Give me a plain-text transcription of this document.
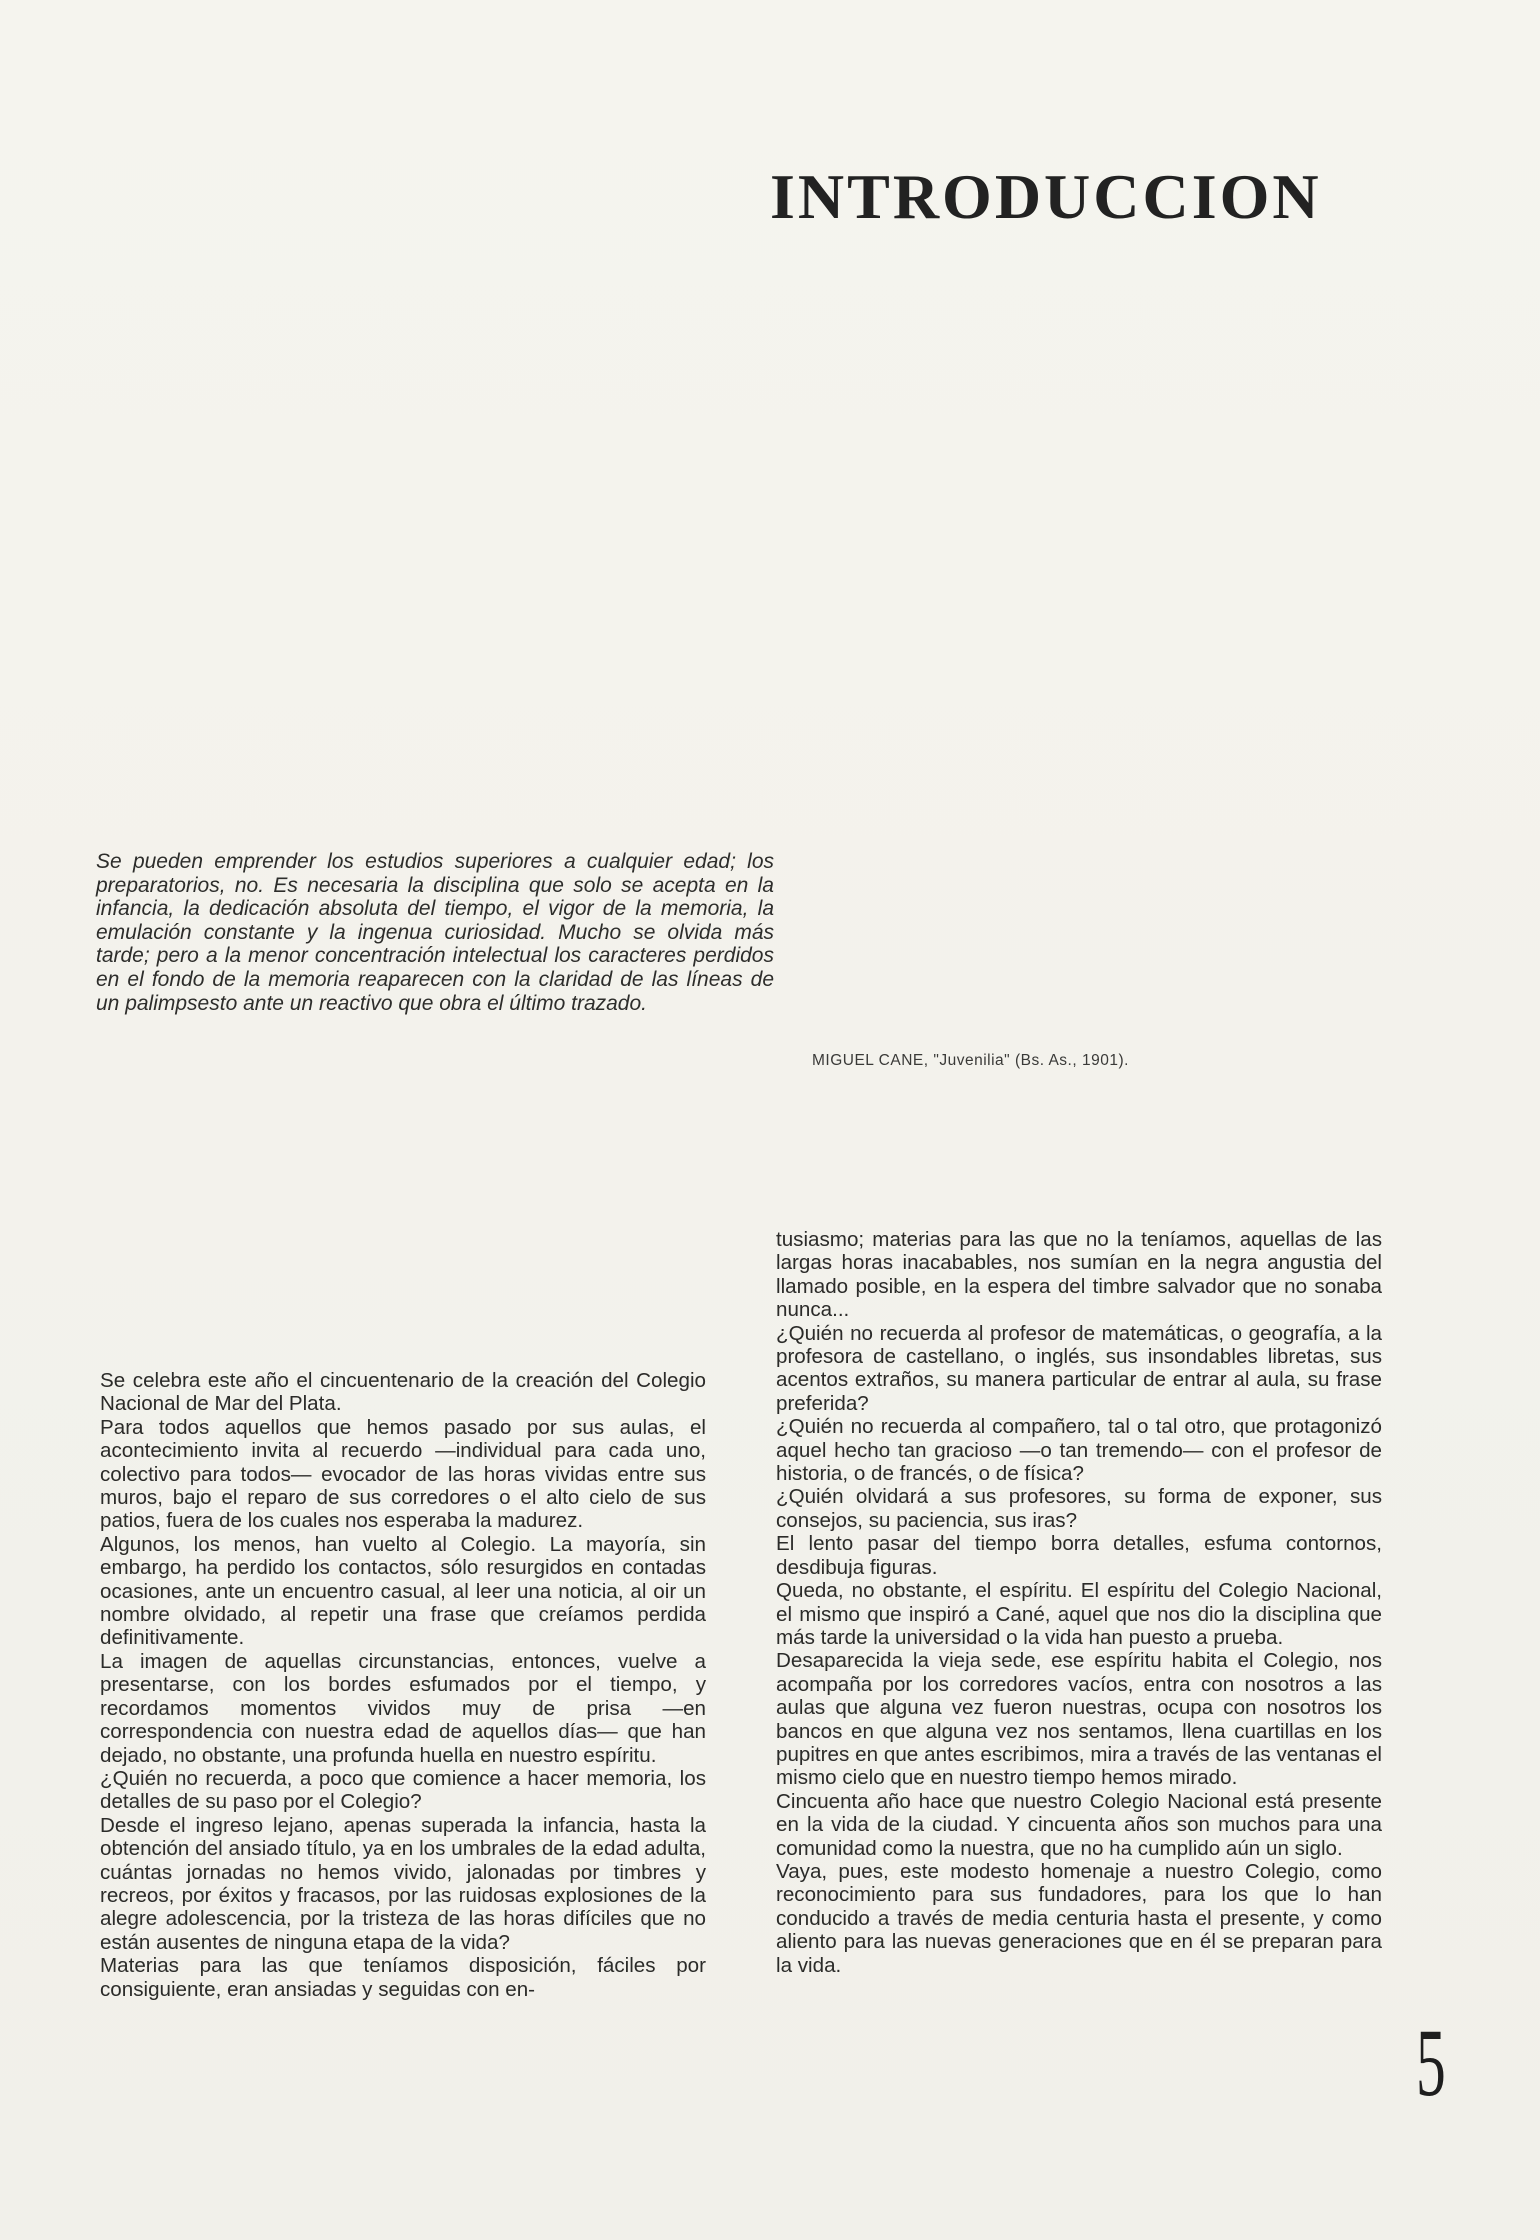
INTRODUCCION

Se pueden emprender los estudios superiores a cualquier edad; los preparatorios, no. Es necesaria la disciplina que solo se acepta en la infancia, la dedicación absoluta del tiempo, el vigor de la memoria, la emulación constante y la ingenua curiosidad. Mucho se olvida más tarde; pero a la menor concentración intelectual los caracteres perdidos en el fondo de la memoria reaparecen con la claridad de las líneas de un palimpsesto ante un reactivo que obra el último trazado.

MIGUEL CANE, "Juvenilia" (Bs. As., 1901).

Se celebra este año el cincuentenario de la creación del Colegio Nacional de Mar del Plata.

Para todos aquellos que hemos pasado por sus aulas, el acontecimiento invita al recuerdo —individual para cada uno, colectivo para todos— evocador de las horas vividas entre sus muros, bajo el reparo de sus corredores o el alto cielo de sus patios, fuera de los cuales nos esperaba la madurez.

Algunos, los menos, han vuelto al Colegio. La mayoría, sin embargo, ha perdido los contactos, sólo resurgidos en contadas ocasiones, ante un encuentro casual, al leer una noticia, al oir un nombre olvidado, al repetir una frase que creíamos perdida definitivamente.

La imagen de aquellas circunstancias, entonces, vuelve a presentarse, con los bordes esfumados por el tiempo, y recordamos momentos vividos muy de prisa —en correspondencia con nuestra edad de aquellos días— que han dejado, no obstante, una profunda huella en nuestro espíritu.

¿Quién no recuerda, a poco que comience a hacer memoria, los detalles de su paso por el Colegio?

Desde el ingreso lejano, apenas superada la infancia, hasta la obtención del ansiado título, ya en los umbrales de la edad adulta, cuántas jornadas no hemos vivido, jalonadas por timbres y recreos, por éxitos y fracasos, por las ruidosas explosiones de la alegre adolescencia, por la tristeza de las horas difíciles que no están ausentes de ninguna etapa de la vida?

Materias para las que teníamos disposición, fáciles por consiguiente, eran ansiadas y seguidas con en-

tusiasmo; materias para las que no la teníamos, aquellas de las largas horas inacabables, nos sumían en la negra angustia del llamado posible, en la espera del timbre salvador que no sonaba nunca...

¿Quién no recuerda al profesor de matemáticas, o geografía, a la profesora de castellano, o inglés, sus insondables libretas, sus acentos extraños, su manera particular de entrar al aula, su frase preferida?

¿Quién no recuerda al compañero, tal o tal otro, que protagonizó aquel hecho tan gracioso —o tan tremendo— con el profesor de historia, o de francés, o de física?

¿Quién olvidará a sus profesores, su forma de exponer, sus consejos, su paciencia, sus iras?

El lento pasar del tiempo borra detalles, esfuma contornos, desdibuja figuras.

Queda, no obstante, el espíritu. El espíritu del Colegio Nacional, el mismo que inspiró a Cané, aquel que nos dio la disciplina que más tarde la universidad o la vida han puesto a prueba.

Desaparecida la vieja sede, ese espíritu habita el Colegio, nos acompaña por los corredores vacíos, entra con nosotros a las aulas que alguna vez fueron nuestras, ocupa con nosotros los bancos en que alguna vez nos sentamos, llena cuartillas en los pupitres en que antes escribimos, mira a través de las ventanas el mismo cielo que en nuestro tiempo hemos mirado.

Cincuenta año hace que nuestro Colegio Nacional está presente en la vida de la ciudad. Y cincuenta años son muchos para una comunidad como la nuestra, que no ha cumplido aún un siglo.

Vaya, pues, este modesto homenaje a nuestro Colegio, como reconocimiento para sus fundadores, para los que lo han conducido a través de media centuria hasta el presente, y como aliento para las nuevas generaciones que en él se preparan para la vida.

5
